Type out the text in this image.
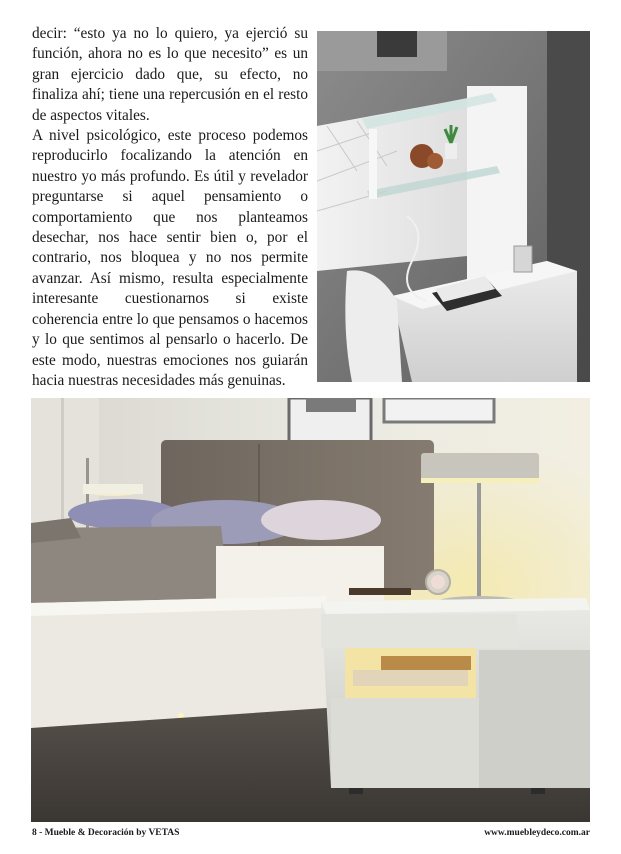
decir: “esto ya no lo quiero, ya ejerció su función, ahora no es lo que necesito” es un gran ejercicio dado que, su efecto, no finaliza ahí; tiene una repercusión en el resto de aspectos vitales.

A nivel psicológico, este proceso podemos reproducirlo focalizando la atención en nuestro yo más profundo. Es útil y revelador preguntarse si aquel pensamiento o comportamiento que nos planteamos desechar, nos hace sentir bien o, por el contrario, nos bloquea y no nos permite avanzar. Así mismo, resulta especialmente interesante cuestionarnos si existe coherencia entre lo que pensamos o hacemos y lo que sentimos al pensarlo o hacerlo. De este modo, nuestras emociones nos guiarán hacia nuestras necesidades más genuinas.

8 - Mueble & Decoración by VETAS	www.muebleydeco.com.ar
